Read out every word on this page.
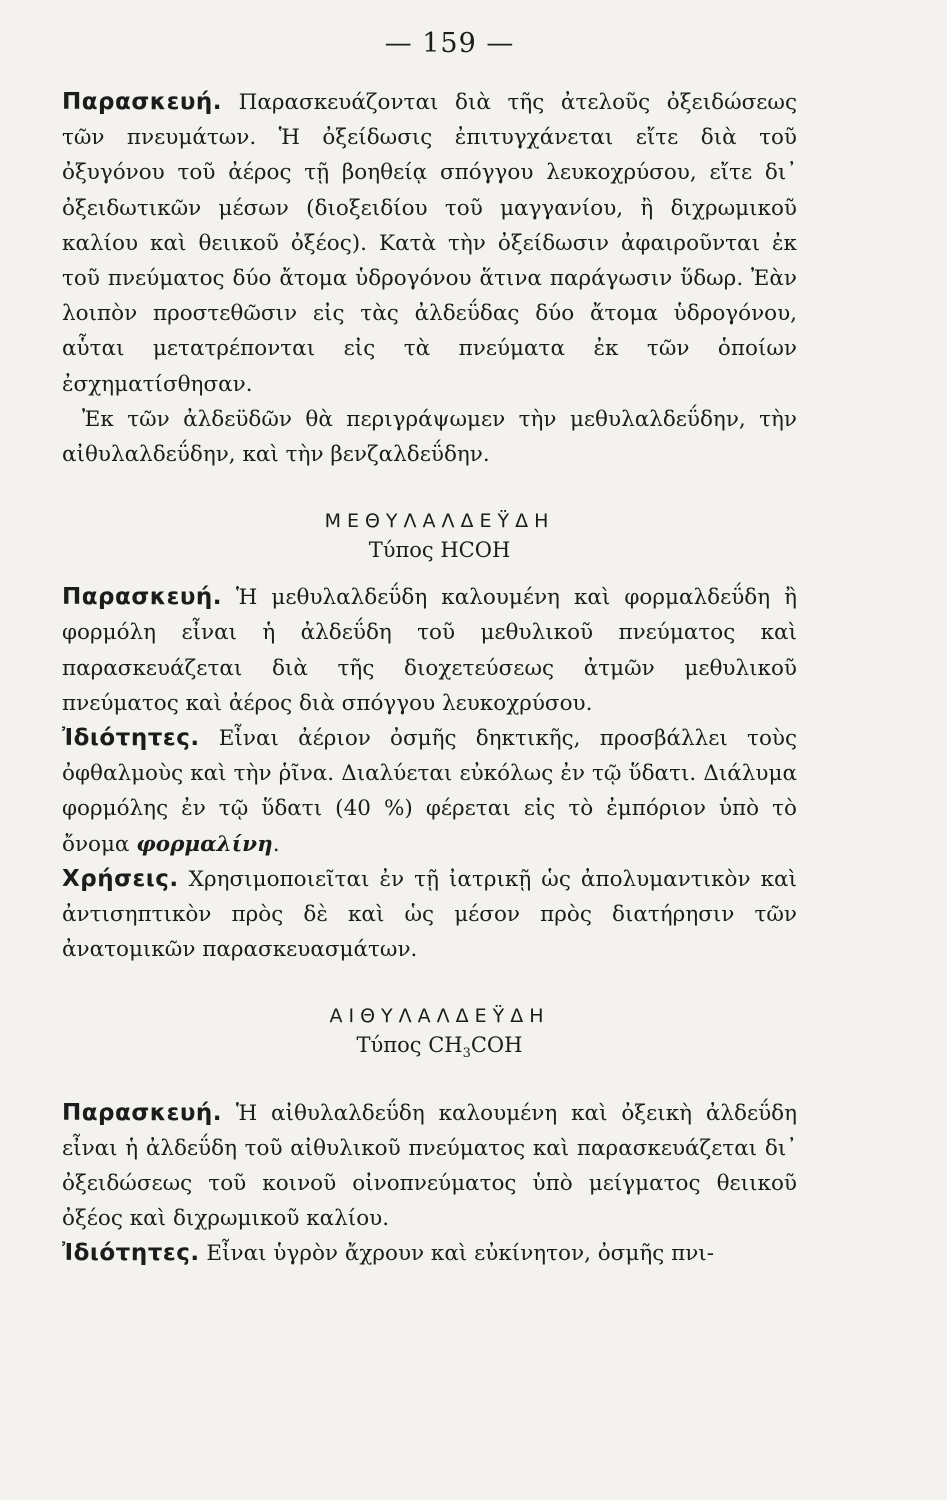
— 159 —

Παρασκευή. Παρασκευάζονται διὰ τῆς ἀτελοῦς ὀξειδώσεως τῶν πνευμάτων. Ἡ ὀξείδωσις ἐπιτυγχάνεται εἴτε διὰ τοῦ ὀξυγόνου τοῦ ἀέρος τῇ βοηθείᾳ σπόγγου λευκοχρύσου, εἴτε δι᾽ ὀξειδωτικῶν μέσων (διοξειδίου τοῦ μαγγανίου, ἢ διχρωμικοῦ καλίου καὶ θειικοῦ ὀξέος). Κατὰ τὴν ὀξείδωσιν ἀφαιροῦνται ἐκ τοῦ πνεύματος δύο ἄτομα ὑδρογόνου ἅτινα παράγωσιν ὕδωρ. Ἐὰν λοιπὸν προστεθῶσιν εἰς τὰς ἀλδεΰδας δύο ἄτομα ὑδρογόνου, αὗται μετατρέπονται εἰς τὰ πνεύματα ἐκ τῶν ὁποίων ἐσχηματίσθησαν.

Ἐκ τῶν ἀλδεϋδῶν θὰ περιγράψωμεν τὴν μεθυλαλδεΰδην, τὴν αἰθυλαλδεΰδην, καὶ τὴν βενζαλδεΰδην.

ΜΕΘΥΛΑΛΔΕΫΔΗ
Τύπος HCOH

Παρασκευή. Ἡ μεθυλαλδεΰδη καλουμένη καὶ φορμαλδεΰδη ἢ φορμόλη εἶναι ἡ ἀλδεΰδη τοῦ μεθυλικοῦ πνεύματος καὶ παρασκευάζεται διὰ τῆς διοχετεύσεως ἀτμῶν μεθυλικοῦ πνεύματος καὶ ἀέρος διὰ σπόγγου λευκοχρύσου.

Ἰδιότητες. Εἶναι ἀέριον ὀσμῆς δηκτικῆς, προσβάλλει τοὺς ὀφθαλμοὺς καὶ τὴν ῥῖνα. Διαλύεται εὐκόλως ἐν τῷ ὕδατι. Διάλυμα φορμόλης ἐν τῷ ὕδατι (40 %) φέρεται εἰς τὸ ἐμπόριον ὑπὸ τὸ ὄνομα φορμαλίνη.

Χρήσεις. Χρησιμοποιεῖται ἐν τῇ ἰατρικῇ ὡς ἀπολυμαντικὸν καὶ ἀντισηπτικὸν πρὸς δὲ καὶ ὡς μέσον πρὸς διατήρησιν τῶν ἀνατομικῶν παρασκευασμάτων.

ΑΙΘΥΛΑΛΔΕΫΔΗ
Τύπος $CH_3COH$

Παρασκευή. Ἡ αἰθυλαλδεΰδη καλουμένη καὶ ὀξεικὴ ἀλδεΰδη εἶναι ἡ ἀλδεΰδη τοῦ αἰθυλικοῦ πνεύματος καὶ παρασκευάζεται δι᾽ ὀξειδώσεως τοῦ κοινοῦ οἰνοπνεύματος ὑπὸ μείγματος θειικοῦ ὀξέος καὶ διχρωμικοῦ καλίου.

Ἰδιότητες. Εἶναι ὑγρὸν ἄχρουν καὶ εὐκίνητον, ὀσμῆς πνι-
